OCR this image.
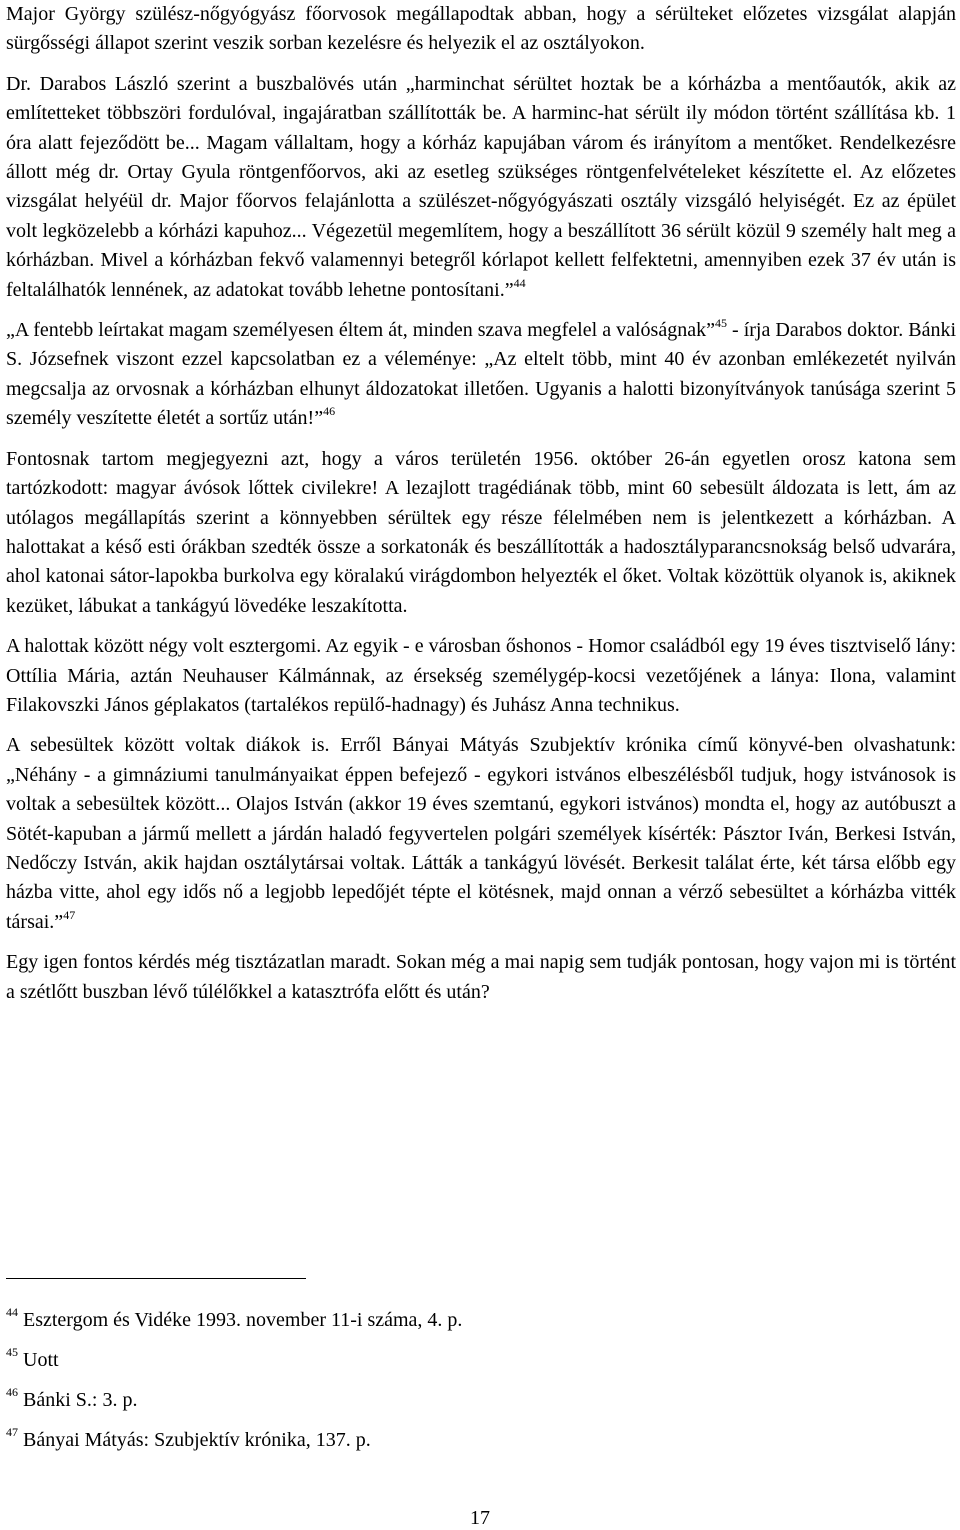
Major György szülész-nőgyógyász főorvosok megállapodtak abban, hogy a sérülteket előzetes vizsgálat alapján sürgősségi állapot szerint veszik sorban kezelésre és helyezik el az osztályokon.

Dr. Darabos László szerint a buszbalövés után „harminchat sérültet hoztak be a kórházba a mentőautók, akik az említetteket többszöri fordulóval, ingajáratban szállították be. A harminc-hat sérült ily módon történt szállítása kb. 1 óra alatt fejeződött be... Magam vállaltam, hogy a kórház kapujában várom és irányítom a mentőket. Rendelkezésre állott még dr. Ortay Gyula röntgenfőorvos, aki az esetleg szükséges röntgenfelvételeket készítette el. Az előzetes vizsgálat helyéül dr. Major főorvos felajánlotta a szülészet-nőgyógyászati osztály vizsgáló helyiségét. Ez az épület volt legközelebb a kórházi kapuhoz... Végezetül megemlítem, hogy a beszállított 36 sérült közül 9 személy halt meg a kórházban. Mivel a kórházban fekvő valamennyi betegről kórlapot kellett felfektetni, amennyiben ezek 37 év után is feltalálhatók lennének, az adatokat tovább lehetne pontosítani.”$^{44}$

„A fentebb leírtakat magam személyesen éltem át, minden szava megfelel a valóságnak”$^{45}$ - írja Darabos doktor. Bánki S. Józsefnek viszont ezzel kapcsolatban ez a véleménye: „Az eltelt több, mint 40 év azonban emlékezetét nyilván megcsalja az orvosnak a kórházban elhunyt áldozatokat illetően. Ugyanis a halotti bizonyítványok tanúsága szerint 5 személy veszítette életét a sortűz után!”$^{46}$

Fontosnak tartom megjegyezni azt, hogy a város területén 1956. október 26-án egyetlen orosz katona sem tartózkodott: magyar ávósok lőttek civilekre! A lezajlott tragédiának több, mint 60 sebesült áldozata is lett, ám az utólagos megállapítás szerint a könnyebben sérültek egy része félelmében nem is jelentkezett a kórházban. A halottakat a késő esti órákban szedték össze a sorkatonák és beszállították a hadosztályparancsnokság belső udvarára, ahol katonai sátor-lapokba burkolva egy köralakú virágdombon helyezték el őket. Voltak közöttük olyanok is, akiknek kezüket, lábukat a tankágyú lövedéke leszakította.

A halottak között négy volt esztergomi. Az egyik - e városban őshonos - Homor családból egy 19 éves tisztviselő lány: Ottília Mária, aztán Neuhauser Kálmánnak, az érsekség személygép-kocsi vezetőjének a lánya: Ilona, valamint Filakovszki János géplakatos (tartalékos repülő-hadnagy) és Juhász Anna technikus.

A sebesültek között voltak diákok is. Erről Bányai Mátyás Szubjektív krónika című könyvé-ben olvashatunk: „Néhány - a gimnáziumi tanulmányaikat éppen befejező - egykori istvános elbeszélésből tudjuk, hogy istvánosok is voltak a sebesültek között... Olajos István (akkor 19 éves szemtanú, egykori istvános) mondta el, hogy az autóbuszt a Sötét-kapuban a jármű mellett a járdán haladó fegyvertelen polgári személyek kísérték: Pásztor Iván, Berkesi István, Nedőczy István, akik hajdan osztálytársai voltak. Látták a tankágyú lövését. Berkesit találat érte, két társa előbb egy házba vitte, ahol egy idős nő a legjobb lepedőjét tépte el kötésnek, majd onnan a vérző sebesültet a kórházba vitték társai.”$^{47}$

Egy igen fontos kérdés még tisztázatlan maradt. Sokan még a mai napig sem tudják pontosan, hogy vajon mi is történt a szétlőtt buszban lévő túlélőkkel a katasztrófa előtt és után?

$^{44}$ Esztergom és Vidéke 1993. november 11-i száma, 4. p.

$^{45}$ Uott

$^{46}$ Bánki S.: 3. p.

$^{47}$ Bányai Mátyás: Szubjektív krónika, 137. p.

17
